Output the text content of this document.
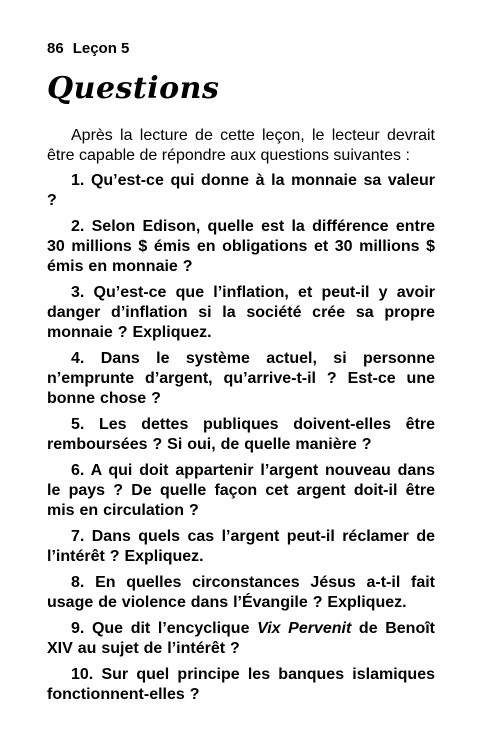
86 Leçon 5

Questions

Après la lecture de cette leçon, le lecteur devrait être capable de répondre aux questions suivantes :

1. Qu’est-ce qui donne à la monnaie sa valeur ?

2. Selon Edison, quelle est la différence entre 30 millions $ émis en obligations et 30 millions $ émis en monnaie ?

3. Qu’est-ce que l’inflation, et peut-il y avoir danger d’inflation si la société crée sa propre monnaie ? Expliquez.

4. Dans le système actuel, si personne n’emprunte d’argent, qu’arrive-t-il ? Est-ce une bonne chose ?

5. Les dettes publiques doivent-elles être remboursées ? Si oui, de quelle manière ?

6. A qui doit appartenir l’argent nouveau dans le pays ? De quelle façon cet argent doit-il être mis en circulation ?

7. Dans quels cas l’argent peut-il réclamer de l’intérêt ? Expliquez.

8. En quelles circonstances Jésus a-t-il fait usage de violence dans l’Évangile ? Expliquez.

9. Que dit l’encyclique Vix Pervenit de Benoît XIV au sujet de l’intérêt ?

10. Sur quel principe les banques islamiques fonctionnent-elles ?
